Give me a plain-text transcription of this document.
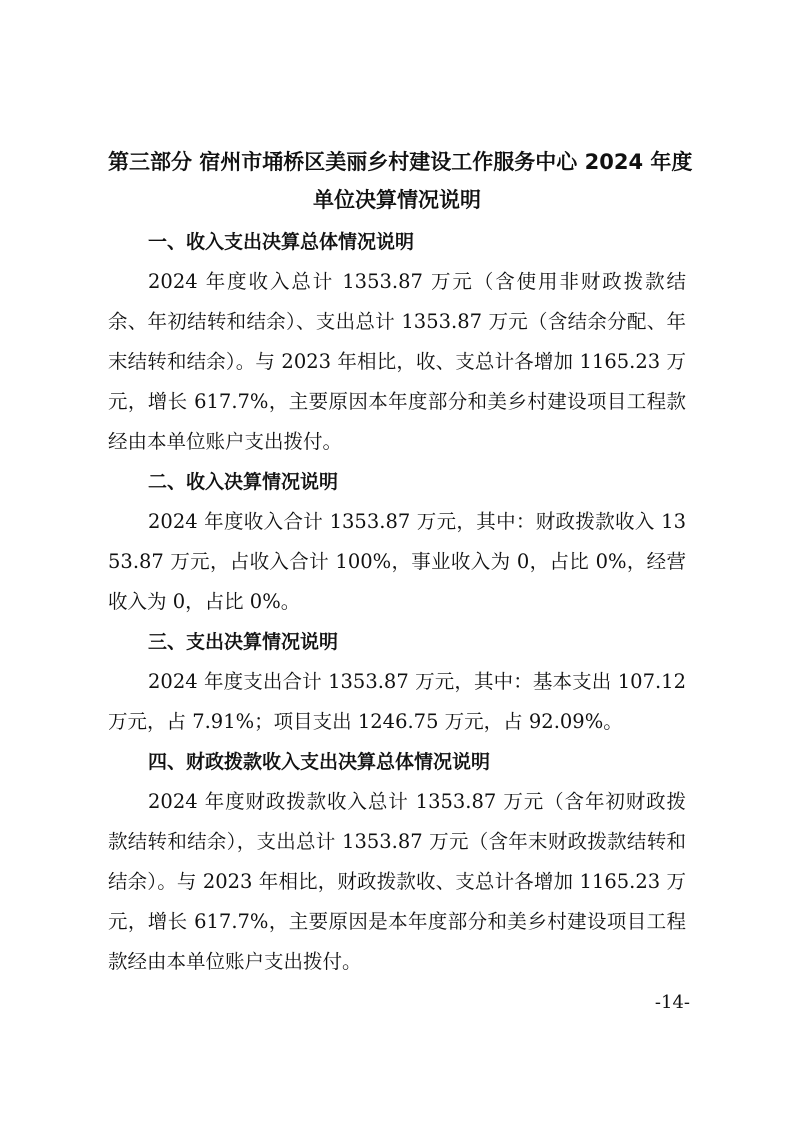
第三部分 宿州市埇桥区美丽乡村建设工作服务中心 2024 年度
单位决算情况说明
一、收入支出决算总体情况说明

2024 年度收入总计 1353.87 万元（含使用非财政拨款结余、年初结转和结余）、支出总计 1353.87 万元（含结余分配、年末结转和结余）。与 2023 年相比，收、支总计各增加 1165.23 万元，增长 617.7%，主要原因本年度部分和美乡村建设项目工程款经由本单位账户支出拨付。

二、收入决算情况说明

2024 年度收入合计 1353.87 万元，其中：财政拨款收入 1353.87 万元，占收入合计 100%，事业收入为 0，占比 0%，经营收入为 0，占比 0%。

三、支出决算情况说明

2024 年度支出合计 1353.87 万元，其中：基本支出 107.12 万元，占 7.91%；项目支出 1246.75 万元，占 92.09%。

四、财政拨款收入支出决算总体情况说明

2024 年度财政拨款收入总计 1353.87 万元（含年初财政拨款结转和结余），支出总计 1353.87 万元（含年末财政拨款结转和结余）。与 2023 年相比，财政拨款收、支总计各增加 1165.23 万元，增长 617.7%，主要原因是本年度部分和美乡村建设项目工程款经由本单位账户支出拨付。

-14-
